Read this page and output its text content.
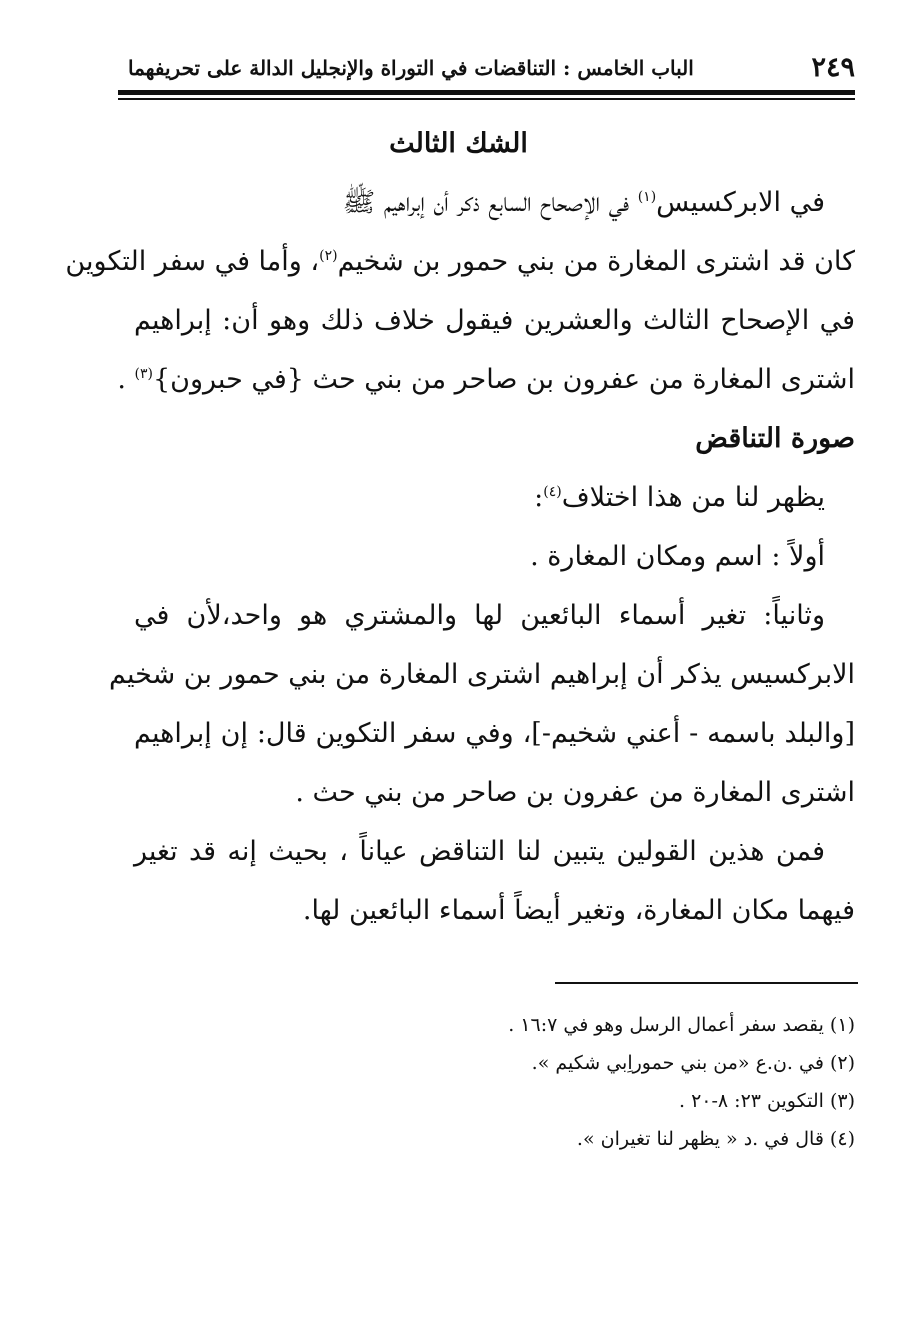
٢٤٩
الباب الخامس : التناقضات في التوراة والإنجليل الدالة على تحريفهما
الشك الثالث
في الابركسيس$^{(١)}$ في الإصحاح السابع ذكر أن إبراهيم ﷺ
كان قد اشترى المغارة من بني حمور بن شخيم$^{(٢)}$، وأما في سفر التكوين
في الإصحاح الثالث والعشرين فيقول خلاف ذلك وهو أن: إبراهيم
اشترى المغارة من عفرون بن صاحر من بني حث {في حبرون}$^{(٣)}$ .
صورة التناقض
يظهر لنا من هذا اختلاف$^{(٤)}$:
أولاً : اسم ومكان المغارة .
وثانياً: تغير أسماء البائعين لها والمشتري هو واحد،لأن في
الابركسيس يذكر أن إبراهيم اشترى المغارة من بني حمور بن شخيم
[والبلد باسمه - أعني شخيم-]، وفي سفر التكوين قال: إن إبراهيم
اشترى المغارة من عفرون بن صاحر من بني حث .
فمن هذين القولين يتبين لنا التناقض عياناً ، بحيث إنه قد تغير
فيهما مكان المغارة، وتغير أيضاً أسماء البائعين لها.
(١) يقصد سفر أعمال الرسل وهو في ١٦:٧ .
(٢) في .ن.ع «من بني حموراِبي شكيم ».
(٣) التكوين ٢٣: ٨-٢٠ .
(٤) قال في .د « يظهر لنا تغيران ».
